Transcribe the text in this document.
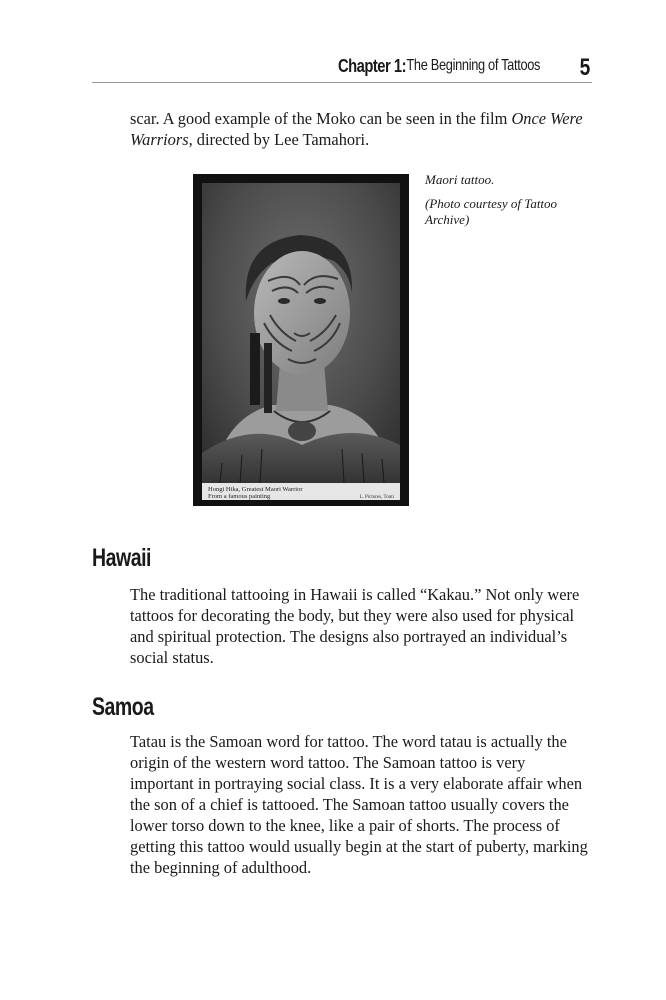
Chapter 1: The Beginning of Tattoos 5
scar. A good example of the Moko can be seen in the film Once Were Warriors, directed by Lee Tamahori.
Hongi Hika, Greatest Maori Warrior
From a famous painting	L. Pictures, Tonti

Maori tattoo.

(Photo courtesy of Tattoo Archive)

Hawaii
The traditional tattooing in Hawaii is called “Kakau.” Not only were tattoos for decorating the body, but they were also used for physical and spiritual protection. The designs also portrayed an individual’s social status.
Samoa
Tatau is the Samoan word for tattoo. The word tatau is actually the origin of the western word tattoo. The Samoan tattoo is very important in portraying social class. It is a very elaborate affair when the son of a chief is tattooed. The Samoan tattoo usually covers the lower torso down to the knee, like a pair of shorts. The process of getting this tattoo would usually begin at the start of puberty, marking the beginning of adulthood.
